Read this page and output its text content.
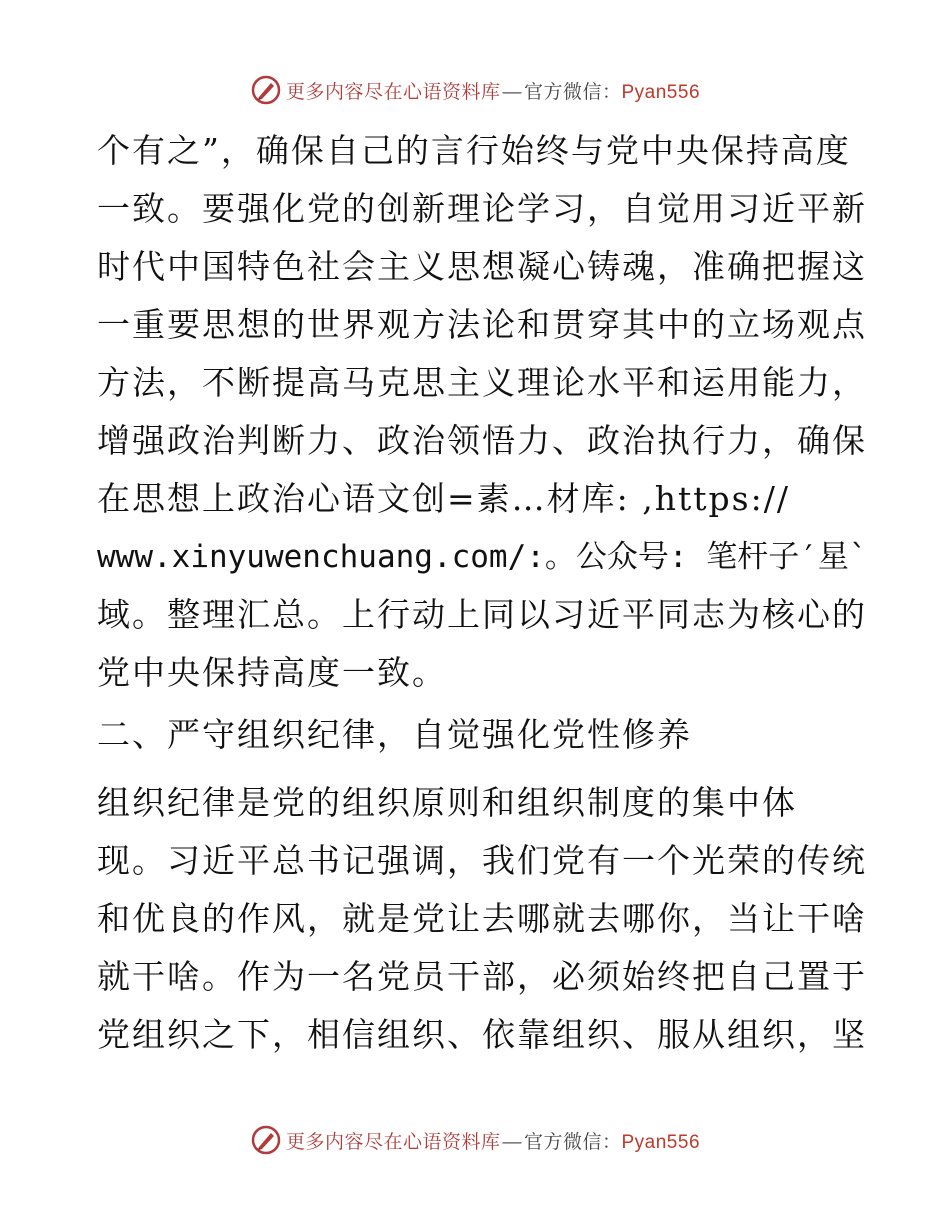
更多内容尽在心语资料库 — 官方微信：Pyan556
个有之”，确保自己的言行始终与党中央保持高度
一致。要强化党的创新理论学习，自觉用习近平新
时代中国特色社会主义思想凝心铸魂，准确把握这
一重要思想的世界观方法论和贯穿其中的立场观点
方法，不断提高马克思主义理论水平和运用能力，
增强政治判断力、政治领悟力、政治执行力，确保
在思想上政治心语文创=素…材库: ,https://
www.xinyuwenchuang.com/:。公众号: 笔杆子′星`
域。整理汇总。上行动上同以习近平同志为核心的
党中央保持高度一致。
二、严守组织纪律，自觉强化党性修养
组织纪律是党的组织原则和组织制度的集中体
现。习近平总书记强调，我们党有一个光荣的传统
和优良的作风，就是党让去哪就去哪你，当让干啥
就干啥。作为一名党员干部，必须始终把自己置于
党组织之下，相信组织、依靠组织、服从组织，坚
更多内容尽在心语资料库 — 官方微信：Pyan556
